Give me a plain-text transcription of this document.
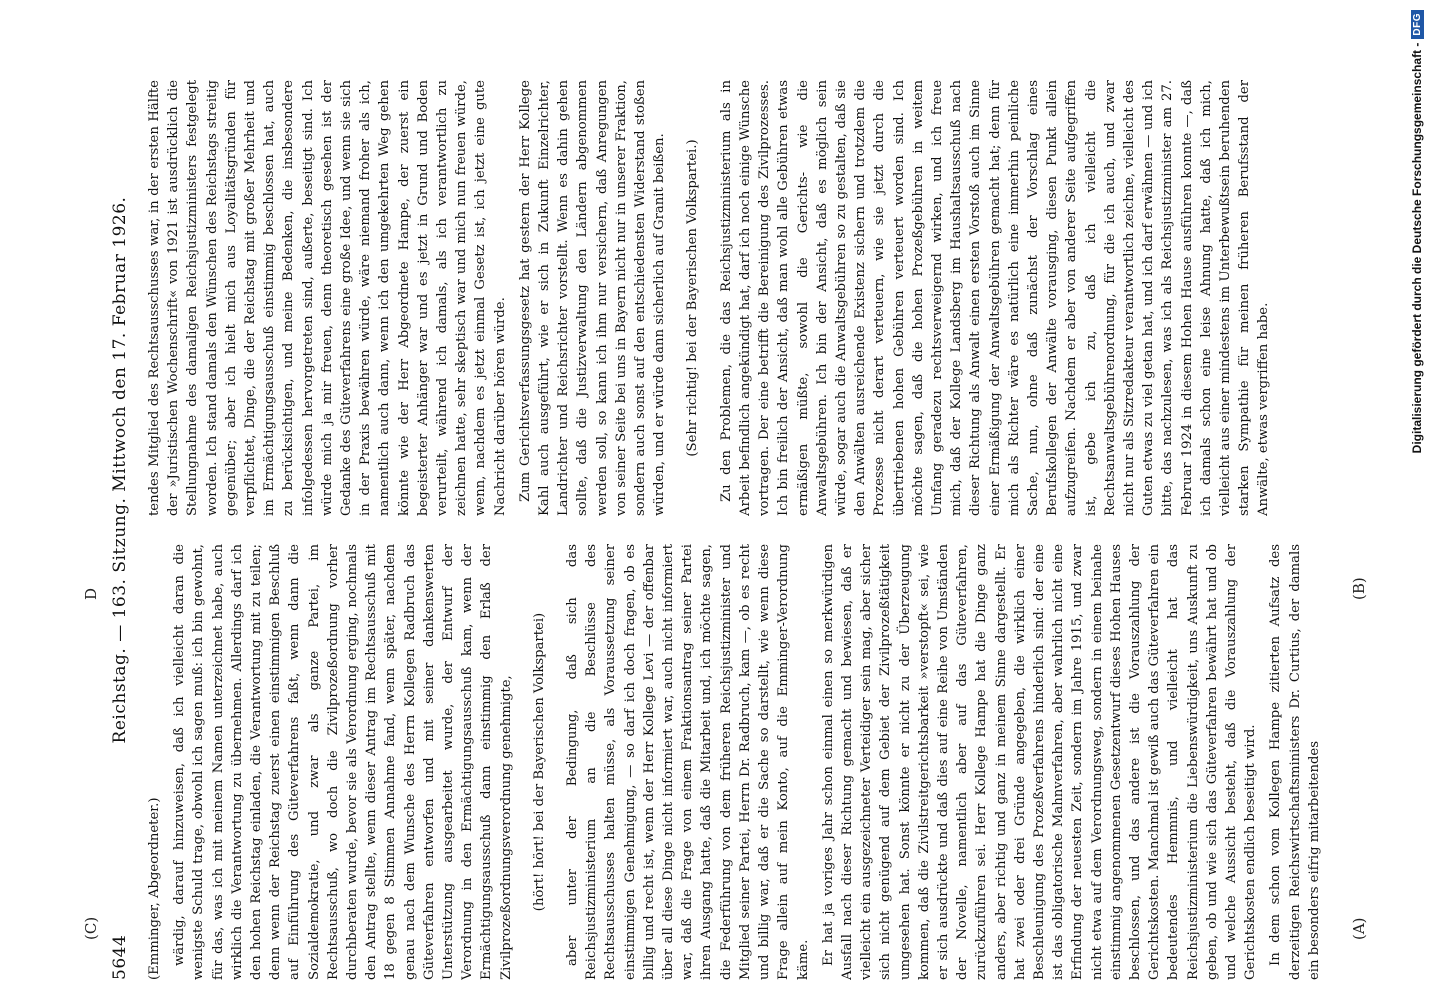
5644
Reichstag. — 163. Sitzung. Mittwoch den 17. Februar 1926.

(Emminger, Abgeordneter.) wärdig, darauf hinzuweisen, daß ich vielleicht daran die wenigste Schuld trage, obwohl ich sagen muß: ich bin gewohnt, für das, was ich mit meinem Namen unterzeichnet habe, auch wirklich die Verantwortung zu übernehmen. Allerdings darf ich den hohen Reichstag einladen, die Verantwortung mit zu teilen; denn wenn der Reichstag zuerst einen einstimmigen Beschluß auf Einführung des Güteverfahrens faßt, wenn dann die Sozialdemokratie, und zwar als ganze Partei, im Rechtsausschuß, wo doch die Zivilprozeßordnung vorher durchberaten wurde, bevor sie als Verordnung erging, nochmals den Antrag stellte, wenn dieser Antrag im Rechtsausschuß mit 18 gegen 8 Stimmen Annahme fand, wenn später, nachdem genau nach dem Wunsche des Herrn Kollegen Radbruch das Güteverfahren entworfen und mit seiner dankenswerten Unterstützung ausgearbeitet wurde, der Entwurf der Verordnung in den Ermächtigungsausschuß kam, wenn der Ermächtigungsausschuß dann einstimmig den Erlaß der Zivilprozeßordnungsverordnung genehmigte, (hört! hört! bei der Bayerischen Volkspartei) aber unter der Bedingung, daß sich das Reichsjustizministerium an die Beschlüsse des Rechtsausschusses halten müsse, als Voraussetzung seiner einstimmigen Genehmigung, — so darf ich doch fragen, ob es billig und recht ist, wenn der Herr Kollege Levi — der offenbar über all diese Dinge nicht informiert war, auch nicht informiert war, daß die Frage von einem Fraktionsantrag seiner Partei ihren Ausgang hatte, daß die Mitarbeit und, ich möchte sagen, die Federführung von dem früheren Reichsjustizminister und Mitglied seiner Partei, Herrn Dr. Radbruch, kam —, ob es recht und billig war, daß er die Sache so darstellt, wie wenn diese Frage allein auf mein Konto, auf die Emminger-Verordnung käme. Er hat ja voriges Jahr schon einmal einen so merkwürdigen Ausfall nach dieser Richtung gemacht und bewiesen, daß er vielleicht ein ausgezeichneter Verteidiger sein mag, aber sicher sich nicht genügend auf dem Gebiet der Zivilprozeßtätigkeit umgesehen hat. Sonst könnte er nicht zu der Überzeugung kommen, daß die Zivilstreitgerichtsbarkeit »verstopft« sei, wie er sich ausdrückte und daß dies auf eine Reihe von Umständen der Novelle, namentlich aber auf das Güteverfahren, zurückzuführen sei. Herr Kollege Hampe hat die Dinge ganz anders, aber richtig und ganz in meinem Sinne dargestellt. Er hat zwei oder drei Gründe angegeben, die wirklich einer Beschleunigung des Prozeßverfahrens hinderlich sind: der eine ist das obligatorische Mahnverfahren, aber wahrlich nicht eine Erfindung der neuesten Zeit, sondern im Jahre 1915, und zwar nicht etwa auf dem Verordnungsweg, sondern in einem beinahe einstimmig angenommenen Gesetzentwurf dieses Hohen Hauses beschlossen, und das andere ist die Vorauszahlung der Gerichtskosten. Manchmal ist gewiß auch das Güteverfahren ein bedeutendes Hemmnis, und vielleicht hat das Reichsjustizministerium die Liebenswürdigkeit, uns Auskunft zu geben, ob und wie sich das Güteverfahren bewährt hat und ob und welche Aussicht besteht, daß die Vorauszahlung der Gerichtskosten endlich beseitigt wird. In dem schon vom Kollegen Hampe zitierten Aufsatz des derzeitigen Reichswirtschaftsministers Dr. Curtius, der damals ein besonders eifrig mitarbeitendes

tendes Mitglied des Rechtsausschusses war, in der ersten Hälfte der »Juristischen Wochenschrift« von 1921 ist ausdrücklich die Stellungnahme des damaligen Reichsjustizministers festgelegt worden. Ich stand damals den Wünschen des Reichstags streitig gegenüber; aber ich hielt mich aus Loyalitätsgründen für verpflichtet, Dinge, die der Reichstag mit großer Mehrheit und im Ermächtigungsausschuß einstimmig beschlossen hat, auch zu berücksichtigen, und meine Bedenken, die insbesondere infolgedessen hervorgetreten sind, außerte, beseitigt sind. Ich würde mich ja mir freuen, denn theoretisch gesehen ist der Gedanke des Güteverfahrens eine große Idee, und wenn sie sich in der Praxis bewähren würde, wäre niemand froher als ich, namentlich auch dann, wenn ich den umgekehrten Weg gehen könnte wie der Herr Abgeordnete Hampe, der zuerst ein begeisterter Anhänger war und es jetzt in Grund und Boden verurteilt, während ich damals, als ich verantwortlich zu zeichnen hatte, sehr skeptisch war und mich nun freuen würde, wenn, nachdem es jetzt einmal Gesetz ist, ich jetzt eine gute Nachricht darüber hören würde. Zum Gerichtsverfassungsgesetz hat gestern der Herr Kollege Kahl auch ausgeführt, wie er sich in Zukunft Einzelrichter, Landrichter und Reichsrichter vorstellt. Wenn es dahin gehen sollte, daß die Justizverwaltung den Ländern abgenommen werden soll, so kann ich ihm nur versichern, daß Anregungen von seiner Seite bei uns in Bayern nicht nur in unserer Fraktion, sondern auch sonst auf den entschiedensten Widerstand stoßen würden, und er würde dann sicherlich auf Granit beißen. (Sehr richtig! bei der Bayerischen Volkspartei.) Zu den Problemen, die das Reichsjustizministerium als in Arbeit befindlich angekündigt hat, darf ich noch einige Wünsche vortragen. Der eine betrifft die Bereinigung des Zivilprozesses. Ich bin freilich der Ansicht, daß man wohl alle Gebühren etwas ermäßigen müßte, sowohl die Gerichts- wie die Anwaltsgebühren. Ich bin der Ansicht, daß es möglich sein würde, sogar auch die Anwaltsgebühren so zu gestalten, daß sie den Anwälten ausreichende Existenz sichern und trotzdem die Prozesse nicht derart verteuern, wie sie jetzt durch die übertriebenen hohen Gebühren verteuert worden sind. Ich möchte sagen, daß die hohen Prozeßgebühren in weitem Umfang geradezu rechtsverweigernd wirken, und ich freue mich, daß der Kollege Landsberg im Haushaltsausschuß nach dieser Richtung als Anwalt einen ersten Vorstoß auch im Sinne einer Ermäßigung der Anwaltsgebühren gemacht hat; denn für mich als Richter wäre es natürlich eine immerhin peinliche Sache, nun, ohne daß zunächst der Vorschlag eines Berufskollegen der Anwälte vorausging, diesen Punkt allein aufzugreifen. Nachdem er aber von anderer Seite aufgegriffen ist, gebe ich zu, daß ich vielleicht die Rechtsanwaltsgebührenordnung, für die ich auch, und zwar nicht nur als Sitzredakteur verantwortlich zeichne, vielleicht des Guten etwas zu viel getan hat, und ich darf erwähnen — und ich bitte, das nachzulesen, was ich als Reichsjustizminister am 27. Februar 1924 in diesem Hohen Hause ausführen konnte —, daß ich damals schon eine leise Ahnung hatte, daß ich mich, vielleicht aus einer mindestens im Unterbewußtsein beruhenden starken Sympathie für meinen früheren Berufsstand der Anwälte, etwas vergriffen habe.

(A)
(B)
(C)
D
Digitalisierung gefördert durch die Deutsche Forschungsgemeinschaft -
DFG
